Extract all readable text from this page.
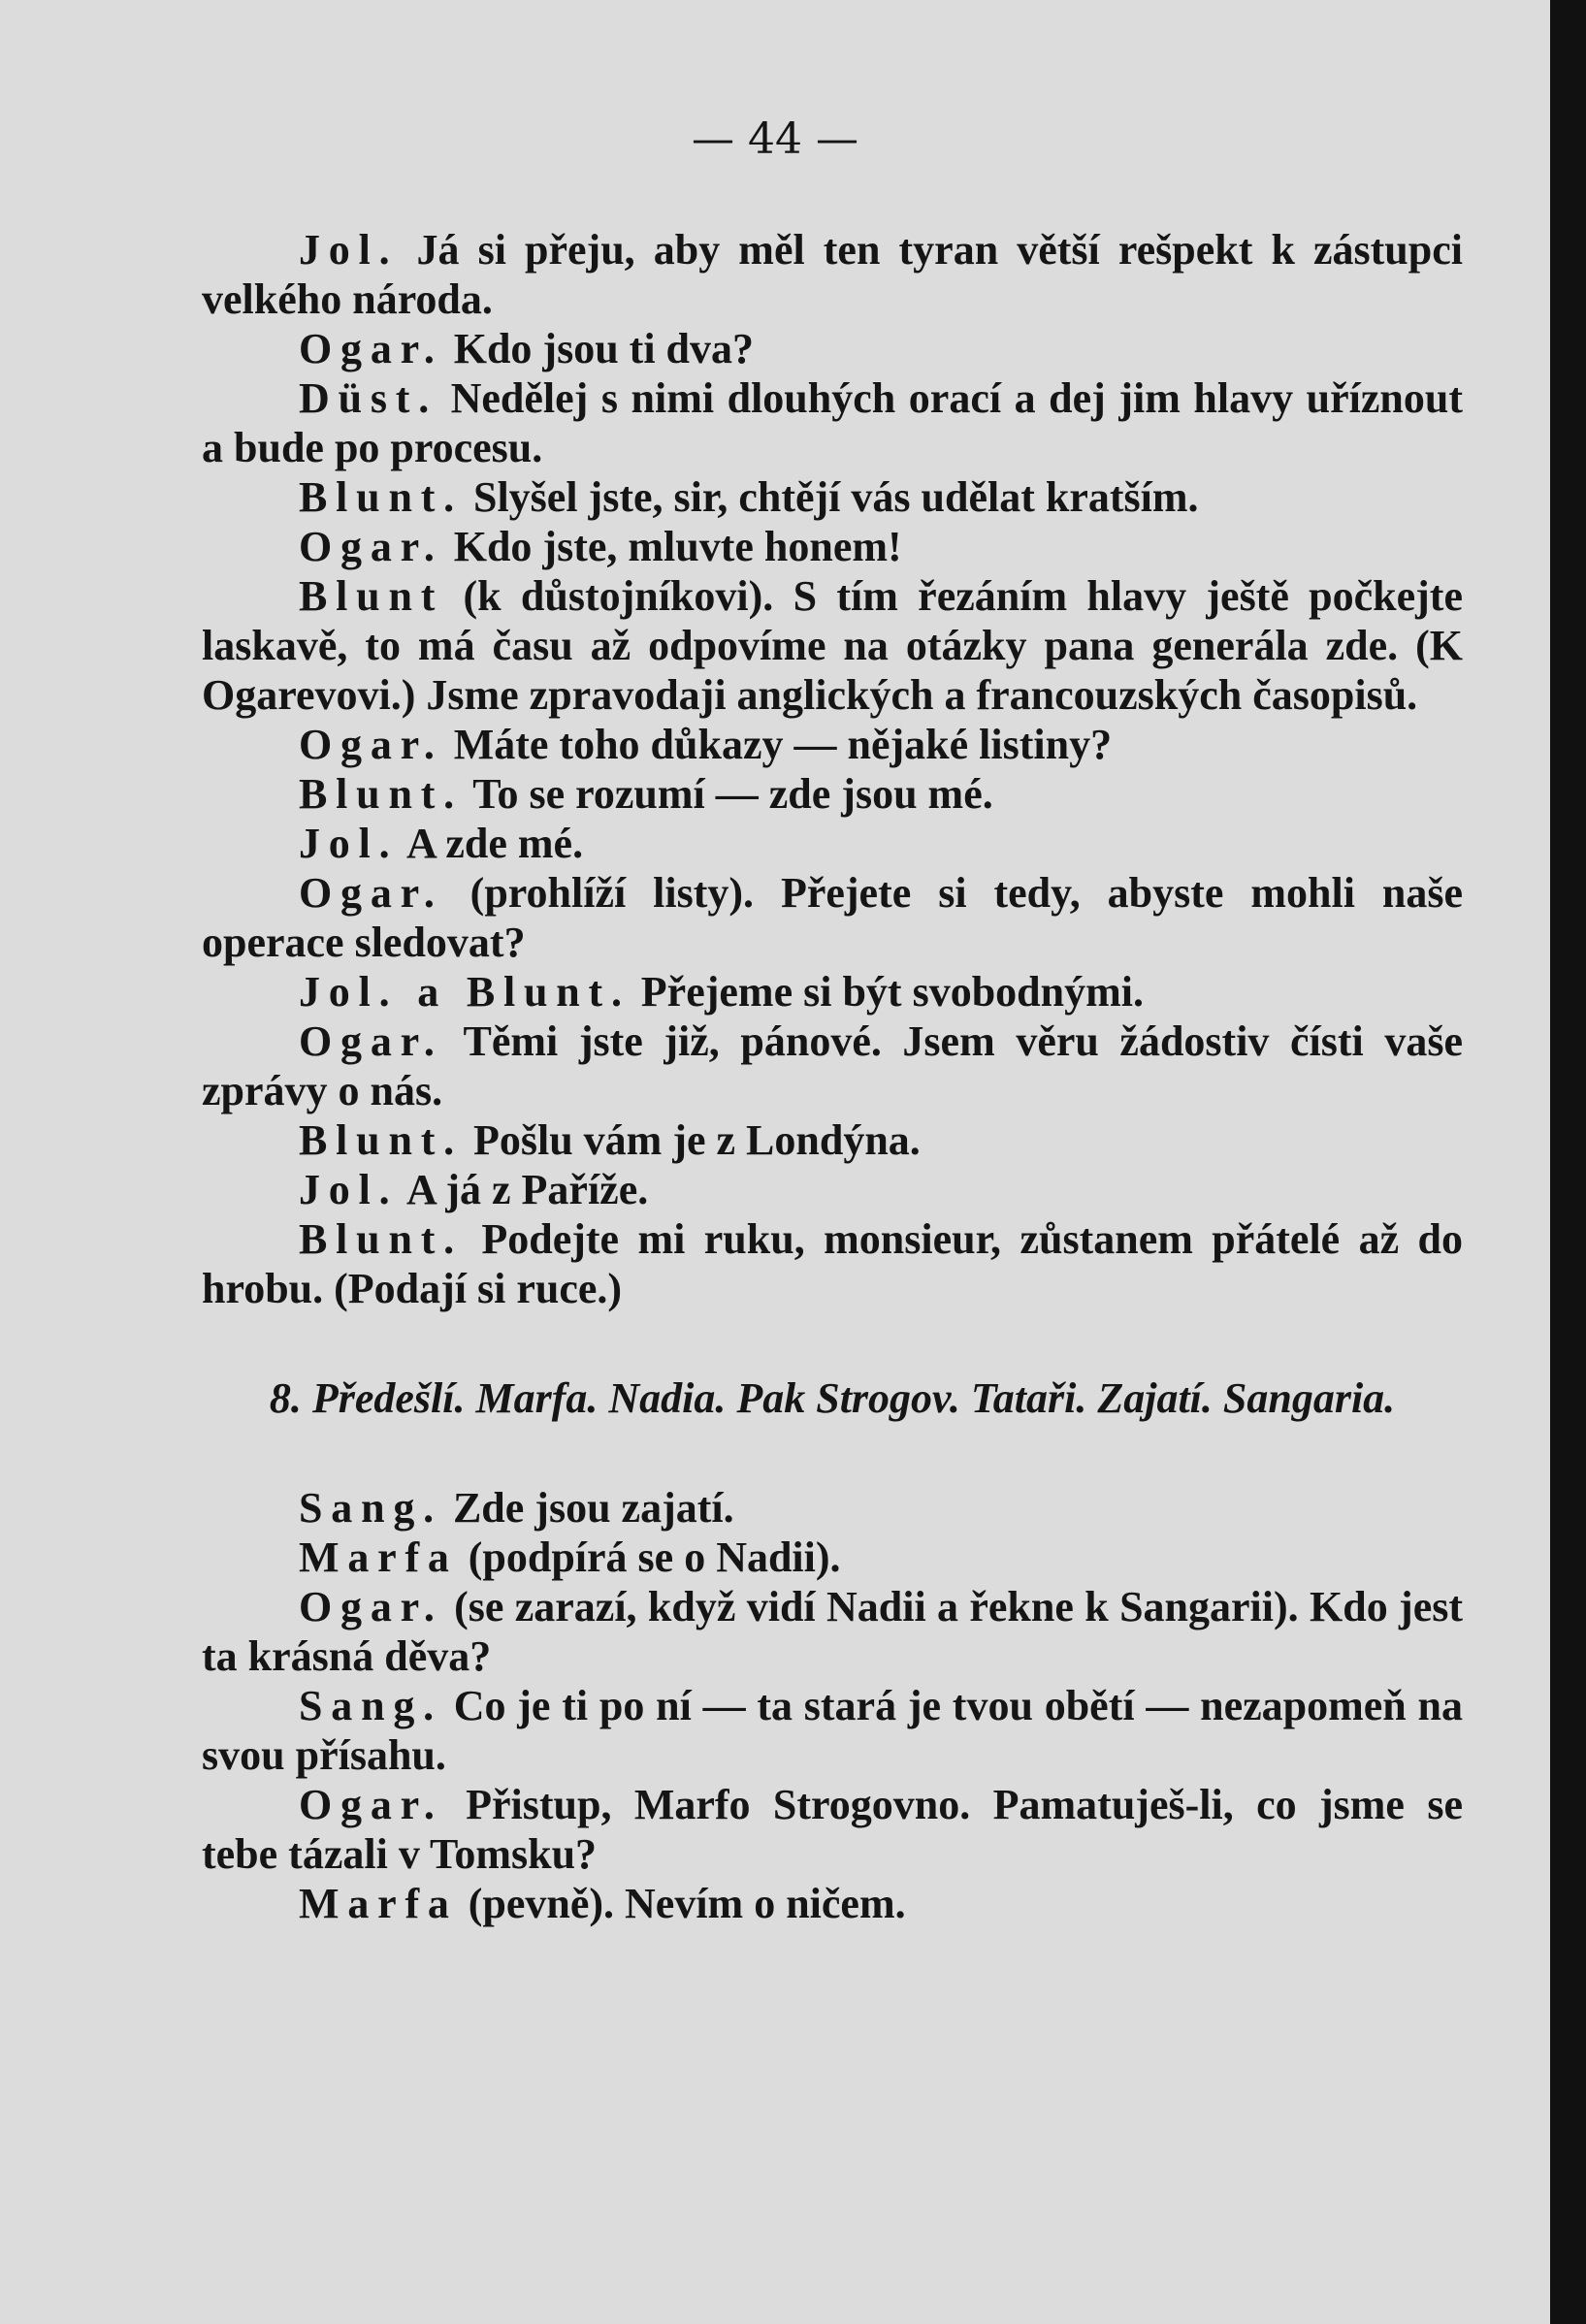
— 44 —

Jol. Já si přeju, aby měl ten tyran větší rešpekt k zástupci velkého národa.

Ogar. Kdo jsou ti dva?

Düst. Nedělej s nimi dlouhých orací a dej jim hlavy uříznout a bude po procesu.

Blunt. Slyšel jste, sir, chtějí vás udělat kratším.

Ogar. Kdo jste, mluvte honem!

Blunt (k důstojníkovi). S tím řezáním hlavy ještě počkejte laskavě, to má času až odpovíme na otázky pana generála zde. (K Ogarevovi.) Jsme zpravodaji anglických a francouzských časopisů.

Ogar. Máte toho důkazy — nějaké listiny?

Blunt. To se rozumí — zde jsou mé.

Jol. A zde mé.

Ogar. (prohlíží listy). Přejete si tedy, abyste mohli naše operace sledovat?

Jol. a Blunt. Přejeme si být svobodnými.

Ogar. Těmi jste již, pánové. Jsem věru žádostiv čísti vaše zprávy o nás.

Blunt. Pošlu vám je z Londýna.

Jol. A já z Paříže.

Blunt. Podejte mi ruku, monsieur, zůstanem přátelé až do hrobu. (Podají si ruce.)

8. Předešlí. Marfa. Nadia. Pak Strogov. Tataři. Zajatí. Sangaria.

Sang. Zde jsou zajatí.

Marfa (podpírá se o Nadii).

Ogar. (se zarazí, když vidí Nadii a řekne k Sangarii). Kdo jest ta krásná děva?

Sang. Co je ti po ní — ta stará je tvou obětí — nezapomeň na svou přísahu.

Ogar. Přistup, Marfo Strogovno. Pamatuješ-li, co jsme se tebe tázali v Tomsku?

Marfa (pevně). Nevím o ničem.
